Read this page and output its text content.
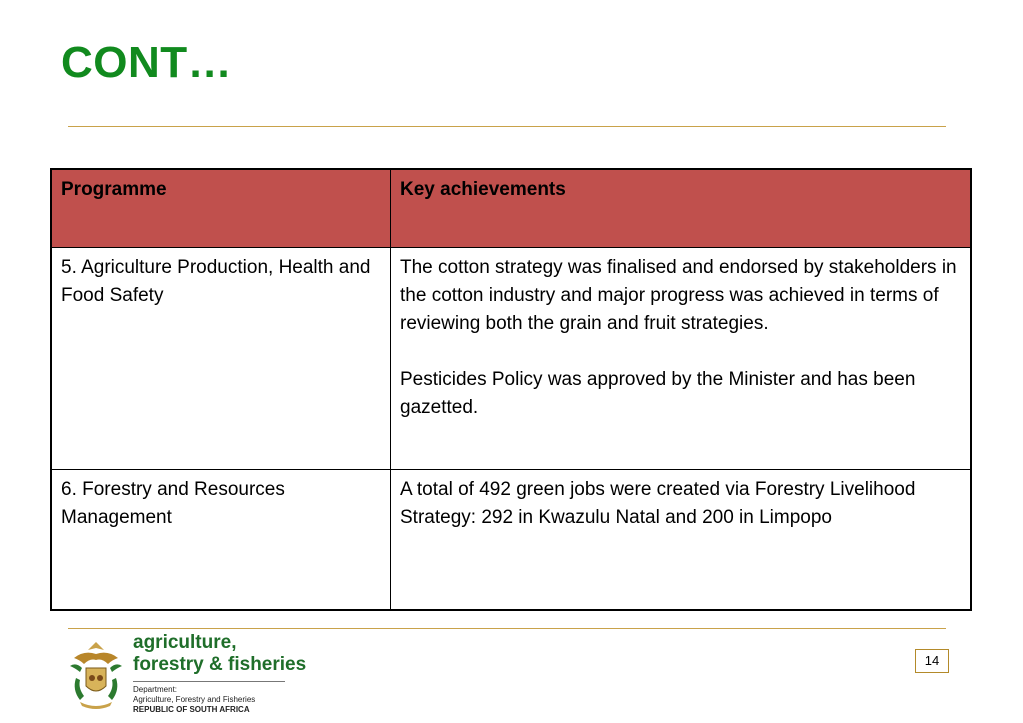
CONT…
Programme	Key achievements

5. Agriculture Production, Health and Food Safety	The cotton strategy was finalised and endorsed by stakeholders in the cotton industry and major progress was achieved in terms of reviewing both the grain and fruit strategies.

Pesticides Policy was approved by the Minister and has been gazetted.

6. Forestry and Resources Management	A total of 492 green jobs were created via Forestry Livelihood Strategy: 292 in Kwazulu Natal and 200 in Limpopo

agriculture,
forestry & fisheries
Department:
Agriculture, Forestry and Fisheries
REPUBLIC OF SOUTH AFRICA
14
